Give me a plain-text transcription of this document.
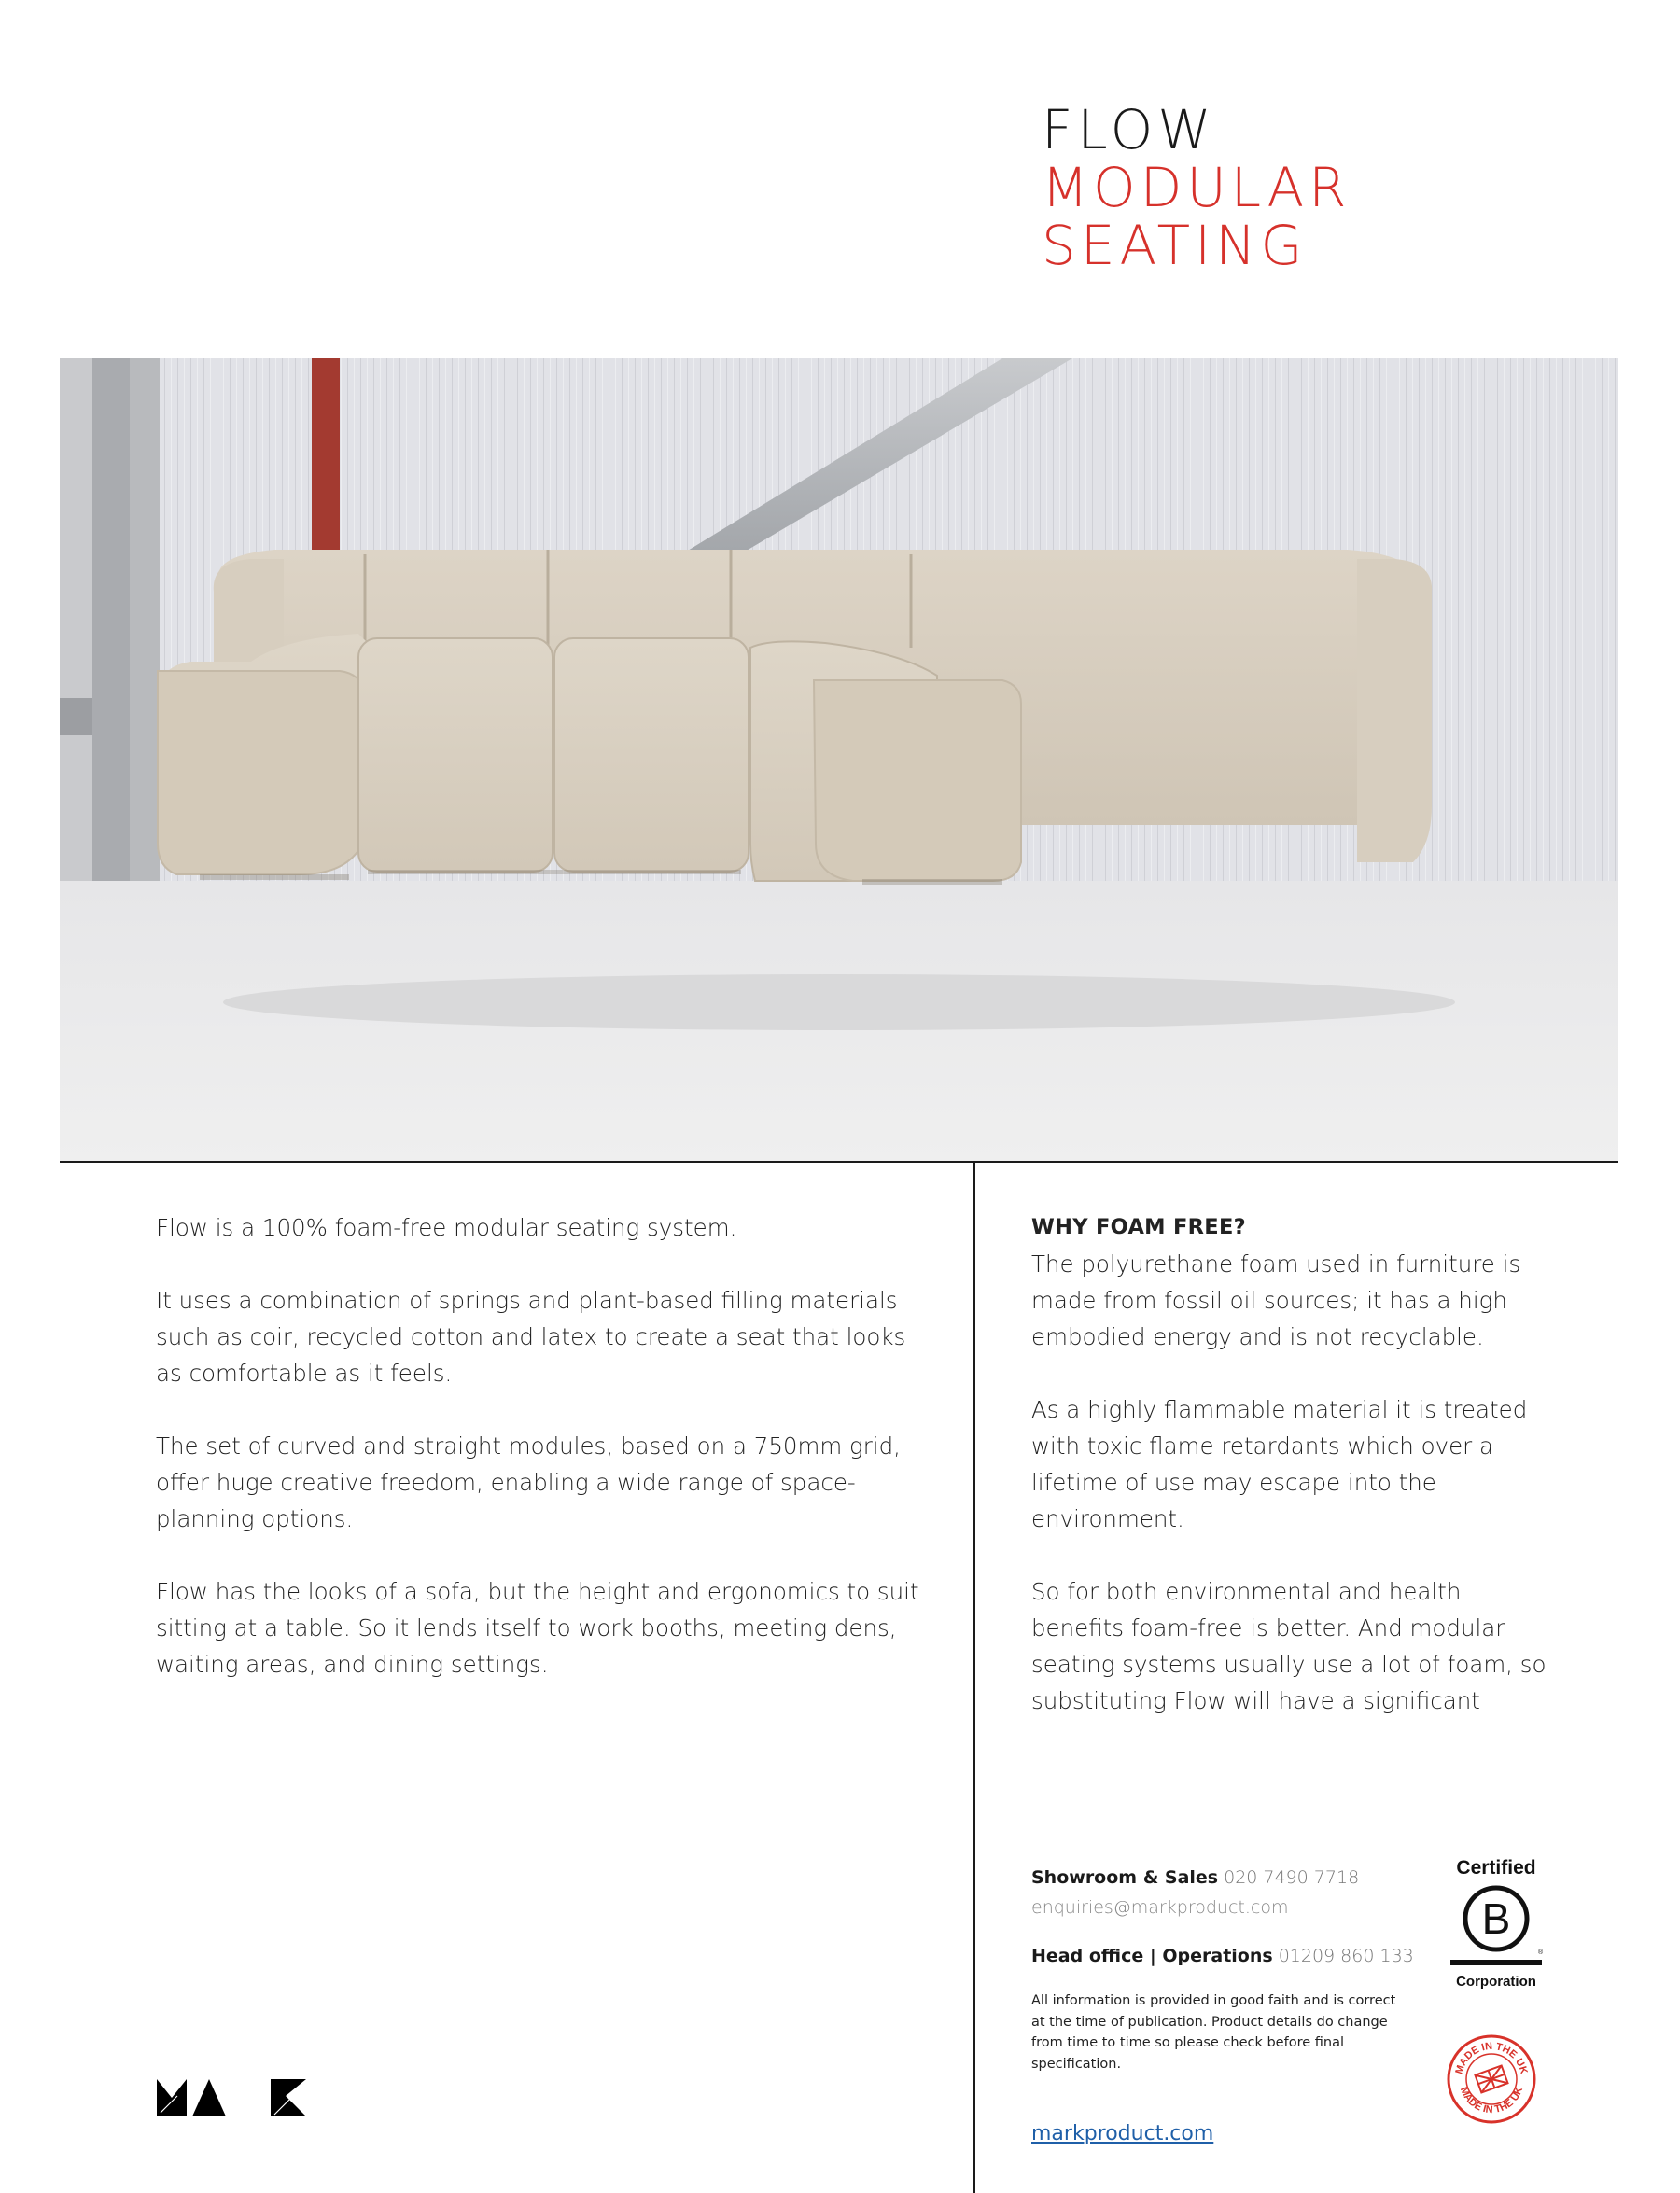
FLOW
MODULAR
SEATING

Flow is a 100% foam-free modular seating system.

It uses a combination of springs and plant-based filling materials such as coir, recycled cotton and latex to create a seat that looks as comfortable as it feels.

The set of curved and straight modules, based on a 750mm grid, offer huge creative freedom, enabling a wide range of space-planning options.

Flow has the looks of a sofa, but the height and ergonomics to suit sitting at a table. So it lends itself to work booths, meeting dens, waiting areas, and dining settings.

WHY FOAM FREE?

The polyurethane foam used in furniture is made from fossil oil sources; it has a high embodied energy and is not recyclable.

As a highly flammable material it is treated with toxic flame retardants which over a lifetime of use may escape into the environment.

So for both environmental and health benefits foam-free is better. And modular seating systems usually use a lot of foam, so substituting Flow will have a significant

Showroom & Sales 020 7490 7718
enquiries@markproduct.com
Head office | Operations 01209 860 133
All information is provided in good faith and is correct at the time of publication. Product details do change from time to time so please check before final specification.
markproduct.com
Certified
B
®
Corporation
MADE IN THE UK
MADE IN THE UK
